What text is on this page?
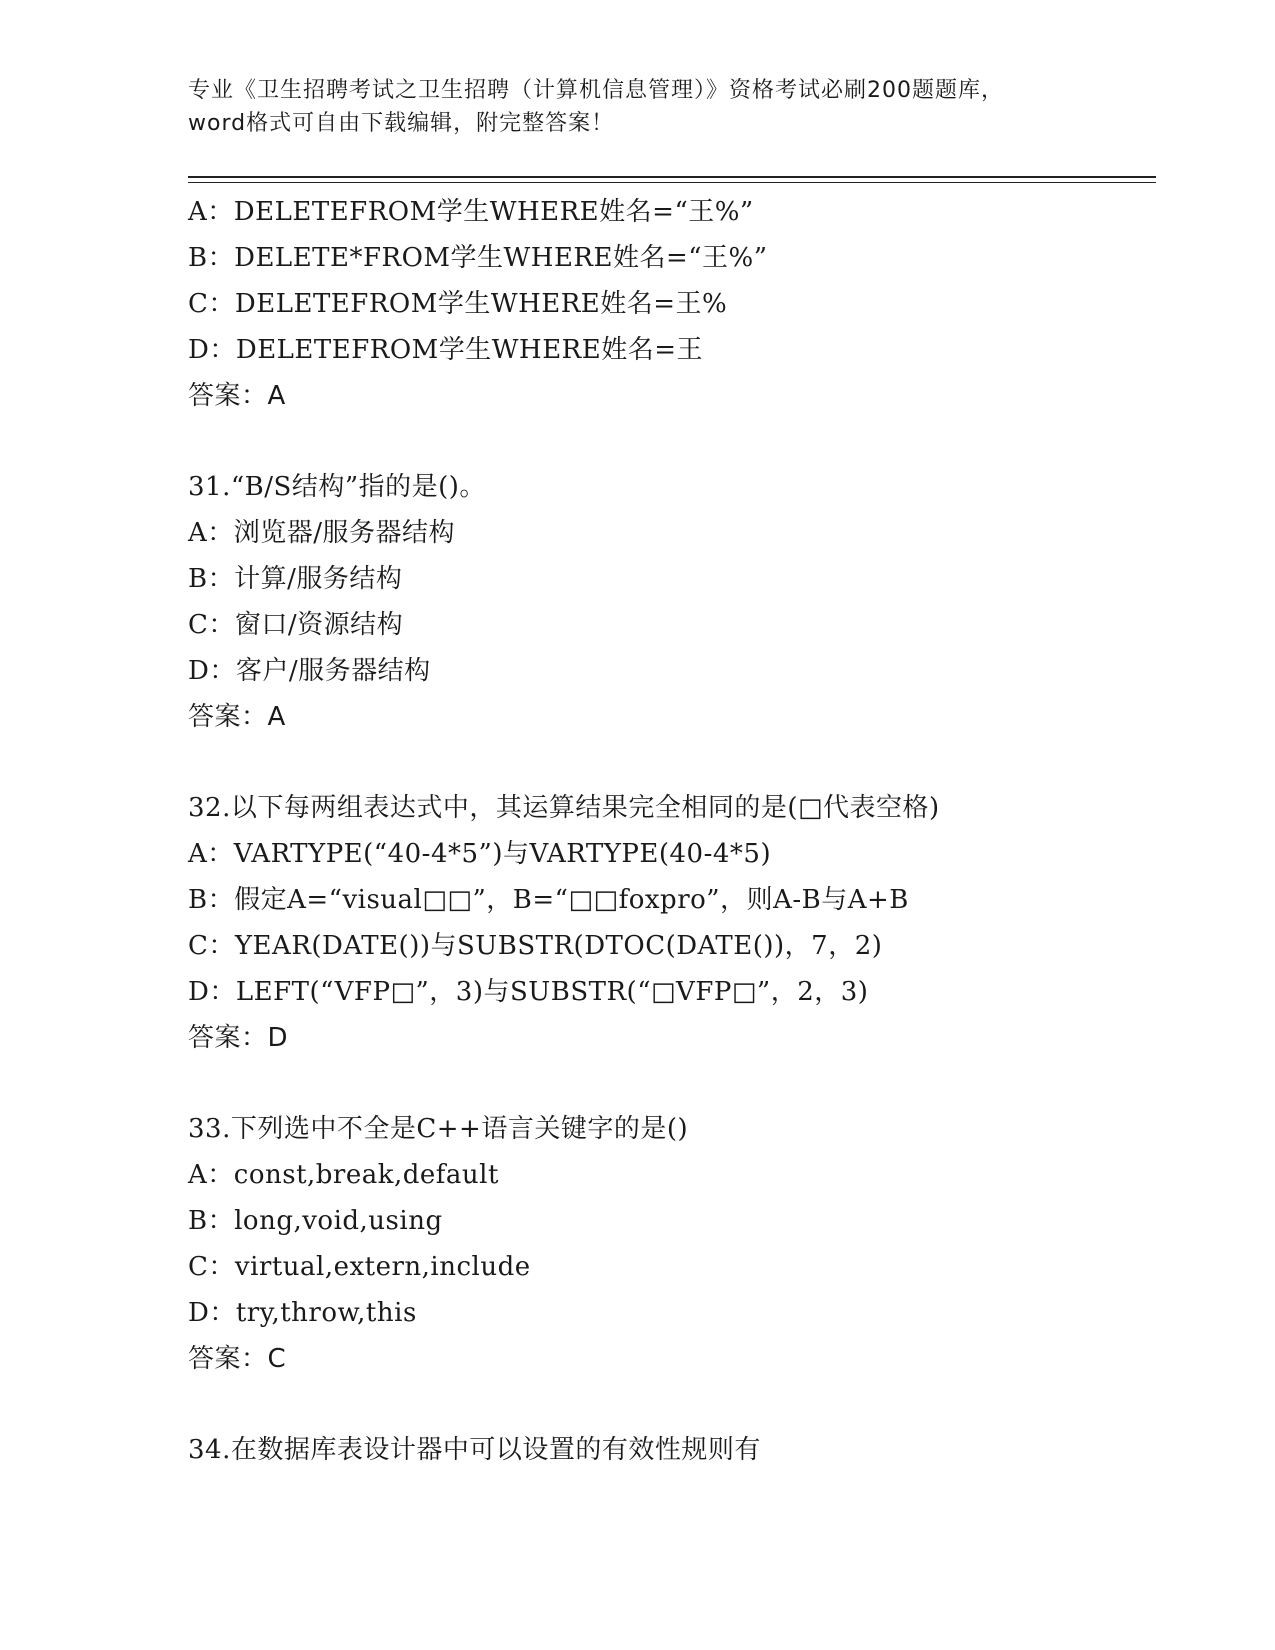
专业《卫生招聘考试之卫生招聘（计算机信息管理）》资格考试必刷200题题库，
word格式可自由下载编辑，附完整答案！
A：DELETEFROM学生WHERE姓名=“王%”
B：DELETE*FROM学生WHERE姓名=“王%”
C：DELETEFROM学生WHERE姓名=王%
D：DELETEFROM学生WHERE姓名=王
答案：A
31.“B/S结构”指的是()。
A：浏览器/服务器结构
B：计算/服务结构
C：窗口/资源结构
D：客户/服务器结构
答案：A
32.以下每两组表达式中，其运算结果完全相同的是(□代表空格)
A：VARTYPE(“40-4*5”)与VARTYPE(40-4*5)
B：假定A=“visual□□”，B=“□□foxpro”，则A-B与A+B
C：YEAR(DATE())与SUBSTR(DTOC(DATE())，7，2)
D：LEFT(“VFP□”，3)与SUBSTR(“□VFP□”，2，3)
答案：D
33.下列选中不全是C++语言关键字的是()
A：const,break,default
B：long,void,using
C：virtual,extern,include
D：try,throw,this
答案：C
34.在数据库表设计器中可以设置的有效性规则有
